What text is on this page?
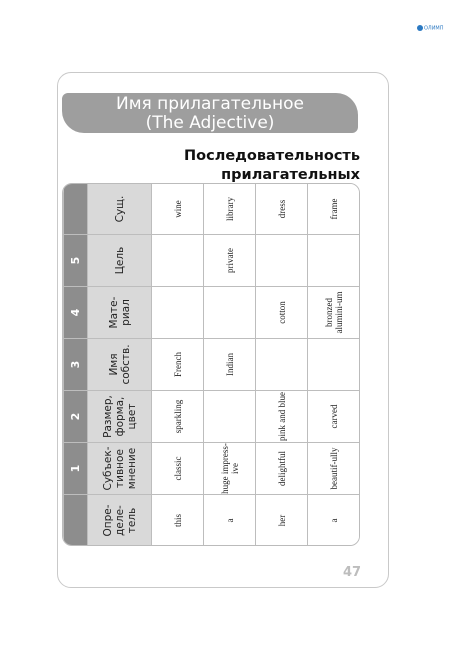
ОЛИМП
Имя прилагательное
(The Adjective)
Последовательность прилагательных
	1	2	3	4	5	
Опре-деле-тель	Субъек-тивное мнение	Размер, форма, цвет	Имя собств.	Мате-риал	Цель	Сущ.
this	classic	sparkling	French			wine
a	huge impress-ive		Indian		private	library
her	delightful	pink and blue		cotton		dress
a	beautif-ully	carved		bronzed alumini-um		frame

47
